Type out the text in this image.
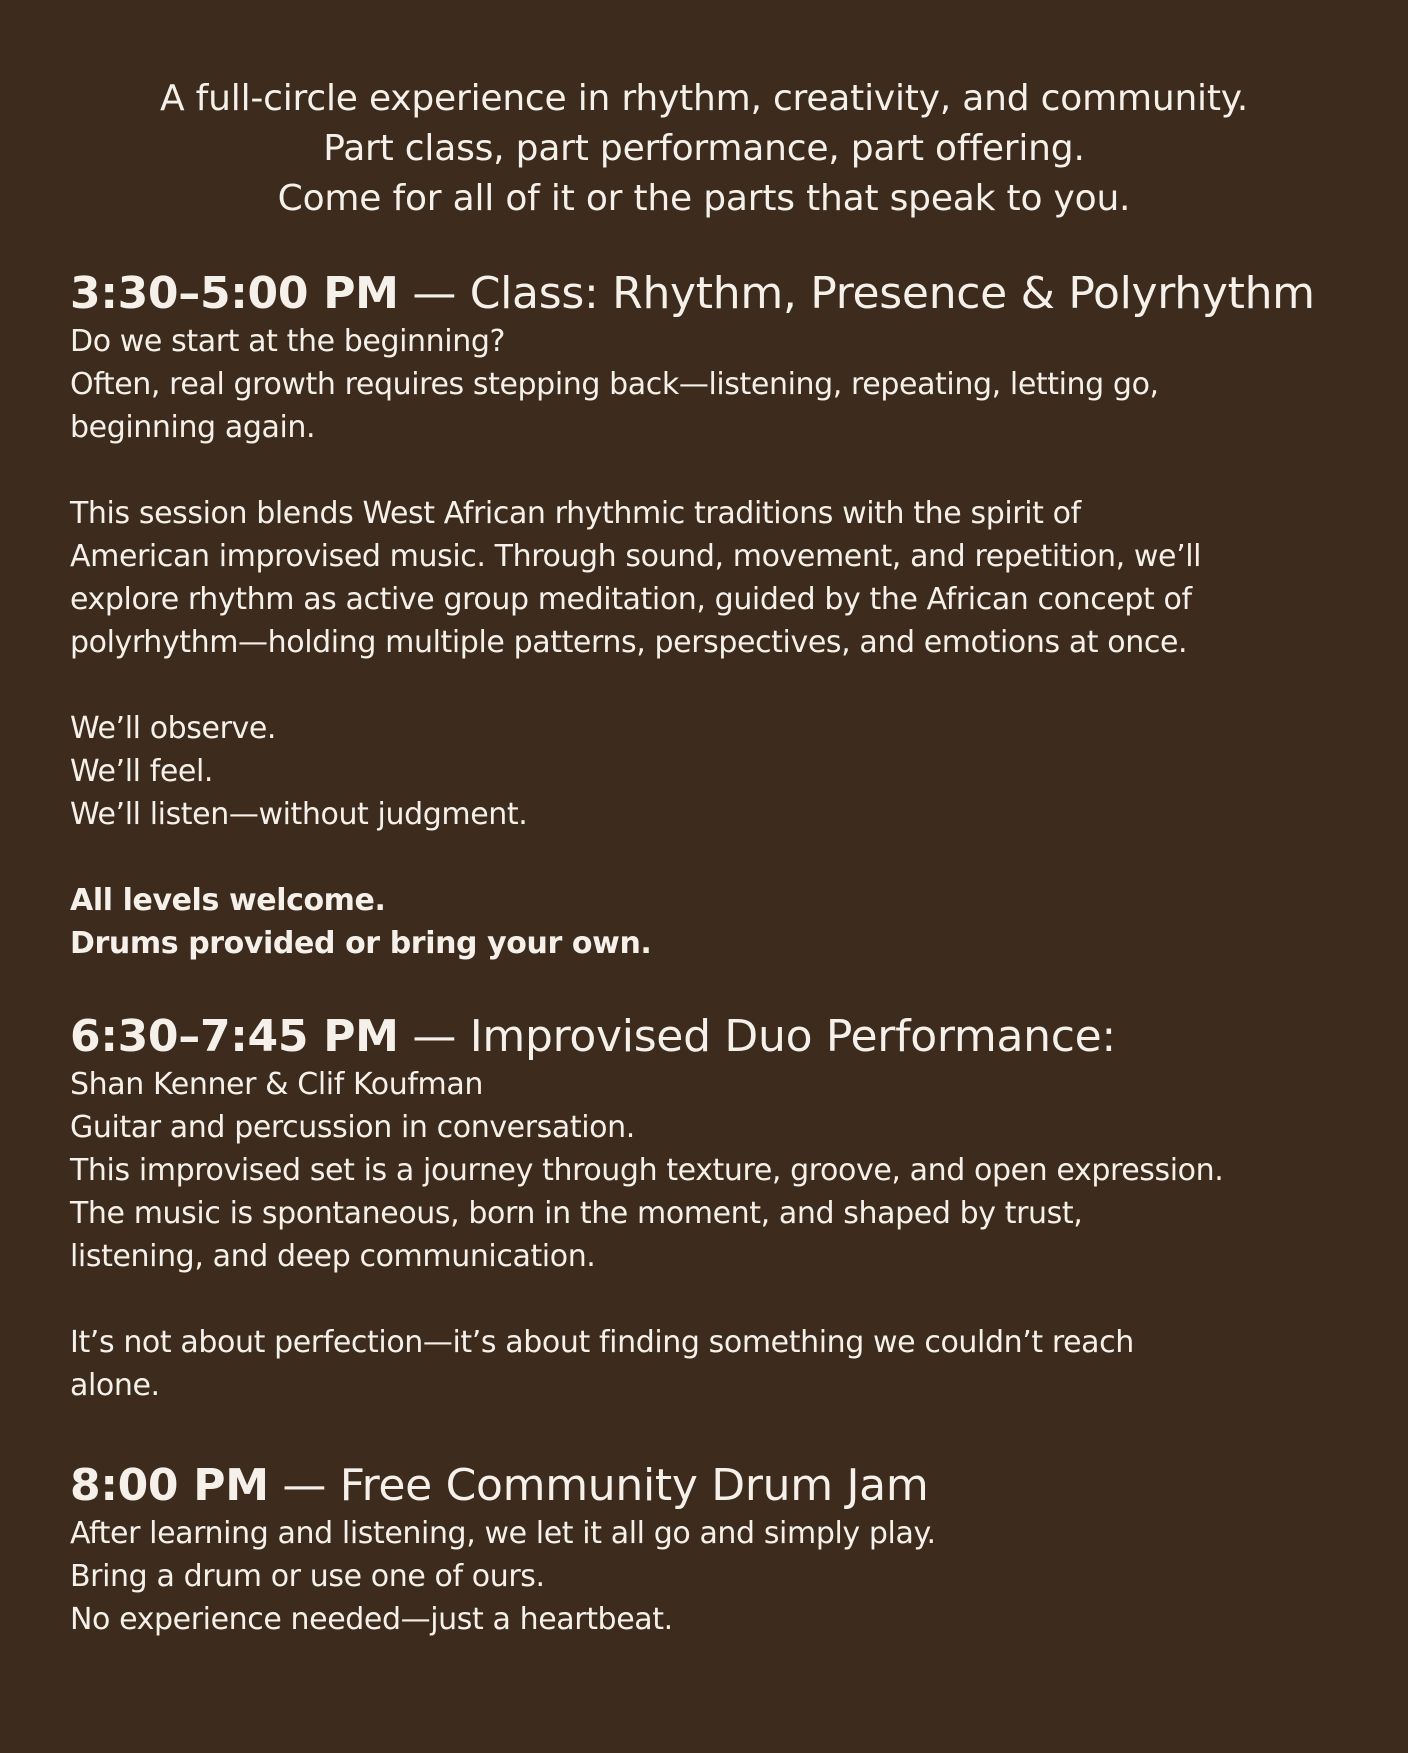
A full-circle experience in rhythm, creativity, and community.
Part class, part performance, part offering.
Come for all of it or the parts that speak to you.
3:30–5:00 PM — Class: Rhythm, Presence & Polyrhythm
Do we start at the beginning?
Often, real growth requires stepping back—listening, repeating, letting go,
beginning again.
This session blends West African rhythmic traditions with the spirit of
American improvised music. Through sound, movement, and repetition, we’ll
explore rhythm as active group meditation, guided by the African concept of
polyrhythm—holding multiple patterns, perspectives, and emotions at once.
We’ll observe.
We’ll feel.
We’ll listen—without judgment.
All levels welcome.
Drums provided or bring your own.
6:30–7:45 PM — Improvised Duo Performance:
Shan Kenner & Clif Koufman
Guitar and percussion in conversation.
This improvised set is a journey through texture, groove, and open expression.
The music is spontaneous, born in the moment, and shaped by trust,
listening, and deep communication.
It’s not about perfection—it’s about finding something we couldn’t reach
alone.
8:00 PM — Free Community Drum Jam
After learning and listening, we let it all go and simply play.
Bring a drum or use one of ours.
No experience needed—just a heartbeat.
